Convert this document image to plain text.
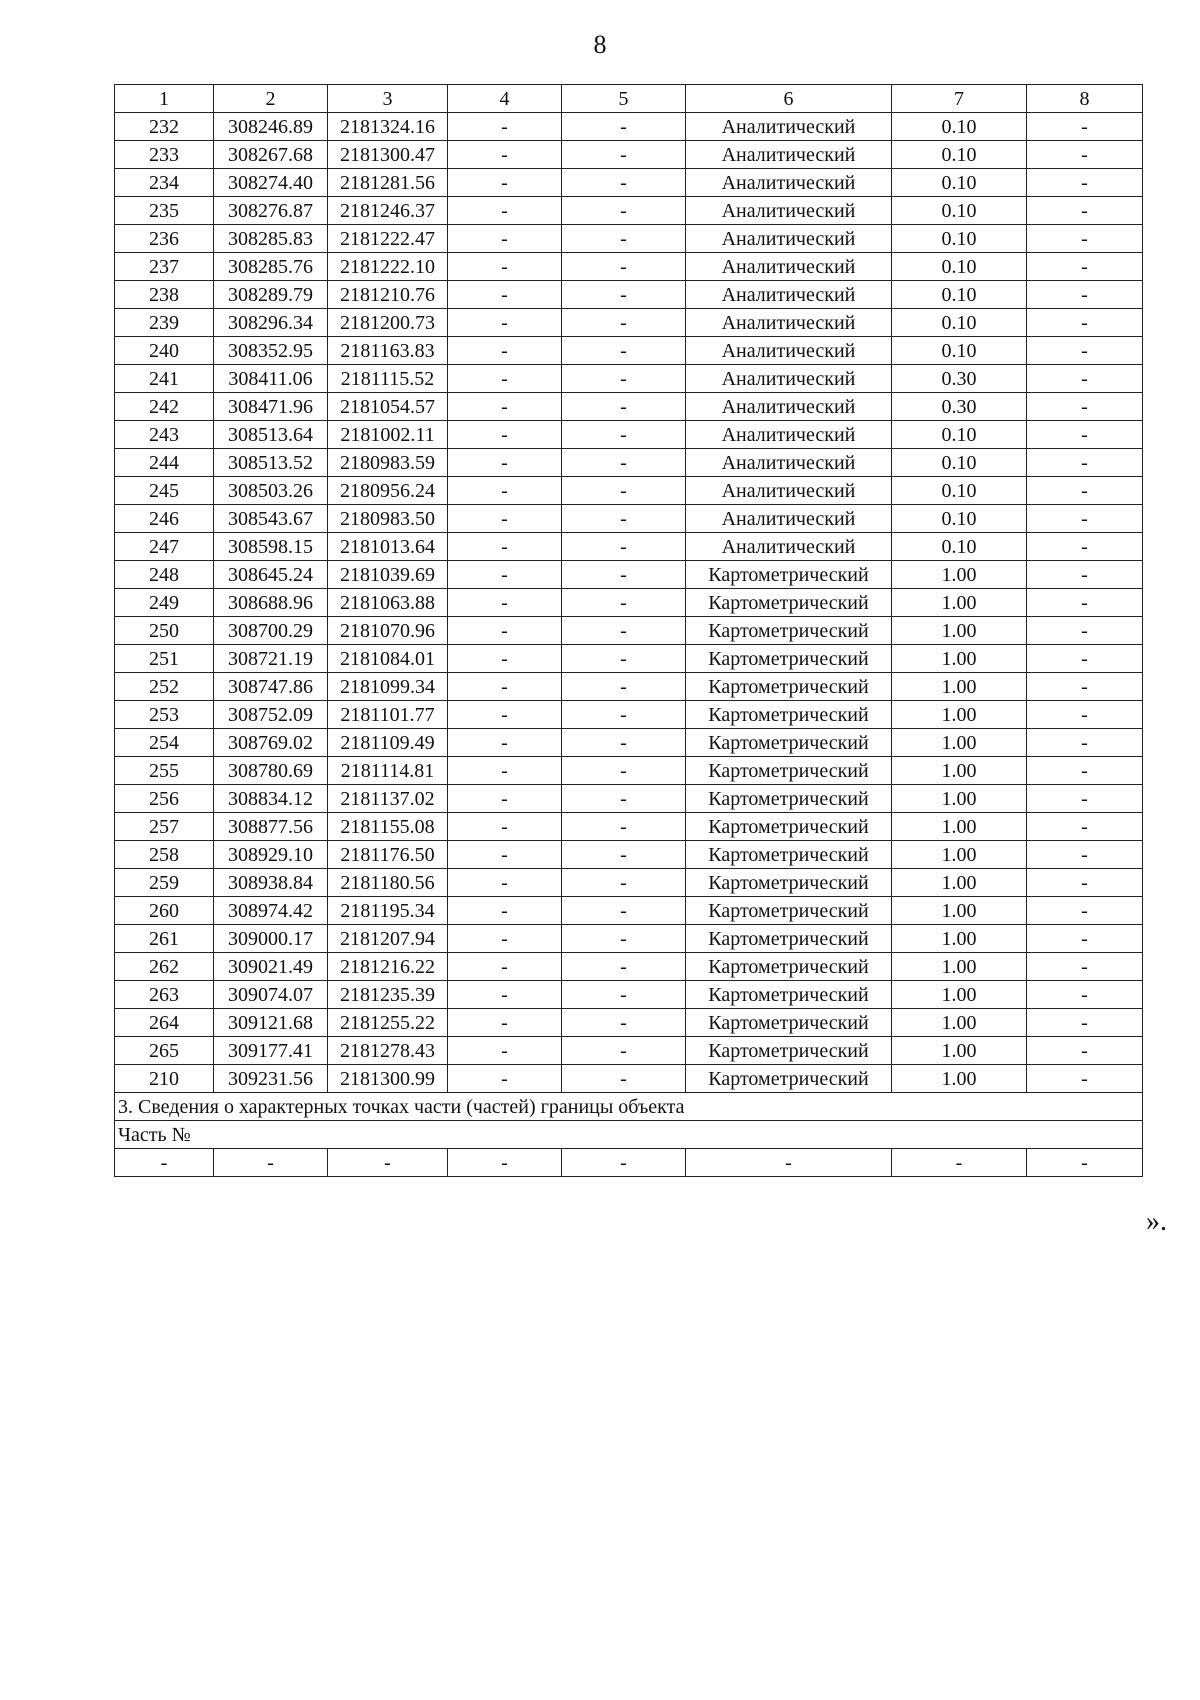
8
1	2	3	4	5	6	7	8
232	308246.89	2181324.16	-	-	Аналитический	0.10	-
233	308267.68	2181300.47	-	-	Аналитический	0.10	-
234	308274.40	2181281.56	-	-	Аналитический	0.10	-
235	308276.87	2181246.37	-	-	Аналитический	0.10	-
236	308285.83	2181222.47	-	-	Аналитический	0.10	-
237	308285.76	2181222.10	-	-	Аналитический	0.10	-
238	308289.79	2181210.76	-	-	Аналитический	0.10	-
239	308296.34	2181200.73	-	-	Аналитический	0.10	-
240	308352.95	2181163.83	-	-	Аналитический	0.10	-
241	308411.06	2181115.52	-	-	Аналитический	0.30	-
242	308471.96	2181054.57	-	-	Аналитический	0.30	-
243	308513.64	2181002.11	-	-	Аналитический	0.10	-
244	308513.52	2180983.59	-	-	Аналитический	0.10	-
245	308503.26	2180956.24	-	-	Аналитический	0.10	-
246	308543.67	2180983.50	-	-	Аналитический	0.10	-
247	308598.15	2181013.64	-	-	Аналитический	0.10	-
248	308645.24	2181039.69	-	-	Картометрический	1.00	-
249	308688.96	2181063.88	-	-	Картометрический	1.00	-
250	308700.29	2181070.96	-	-	Картометрический	1.00	-
251	308721.19	2181084.01	-	-	Картометрический	1.00	-
252	308747.86	2181099.34	-	-	Картометрический	1.00	-
253	308752.09	2181101.77	-	-	Картометрический	1.00	-
254	308769.02	2181109.49	-	-	Картометрический	1.00	-
255	308780.69	2181114.81	-	-	Картометрический	1.00	-
256	308834.12	2181137.02	-	-	Картометрический	1.00	-
257	308877.56	2181155.08	-	-	Картометрический	1.00	-
258	308929.10	2181176.50	-	-	Картометрический	1.00	-
259	308938.84	2181180.56	-	-	Картометрический	1.00	-
260	308974.42	2181195.34	-	-	Картометрический	1.00	-
261	309000.17	2181207.94	-	-	Картометрический	1.00	-
262	309021.49	2181216.22	-	-	Картометрический	1.00	-
263	309074.07	2181235.39	-	-	Картометрический	1.00	-
264	309121.68	2181255.22	-	-	Картометрический	1.00	-
265	309177.41	2181278.43	-	-	Картометрический	1.00	-
210	309231.56	2181300.99	-	-	Картометрический	1.00	-
3. Сведения о характерных точках части (частей) границы объекта							
Часть №							
-	-	-	-	-	-	-	-
».
